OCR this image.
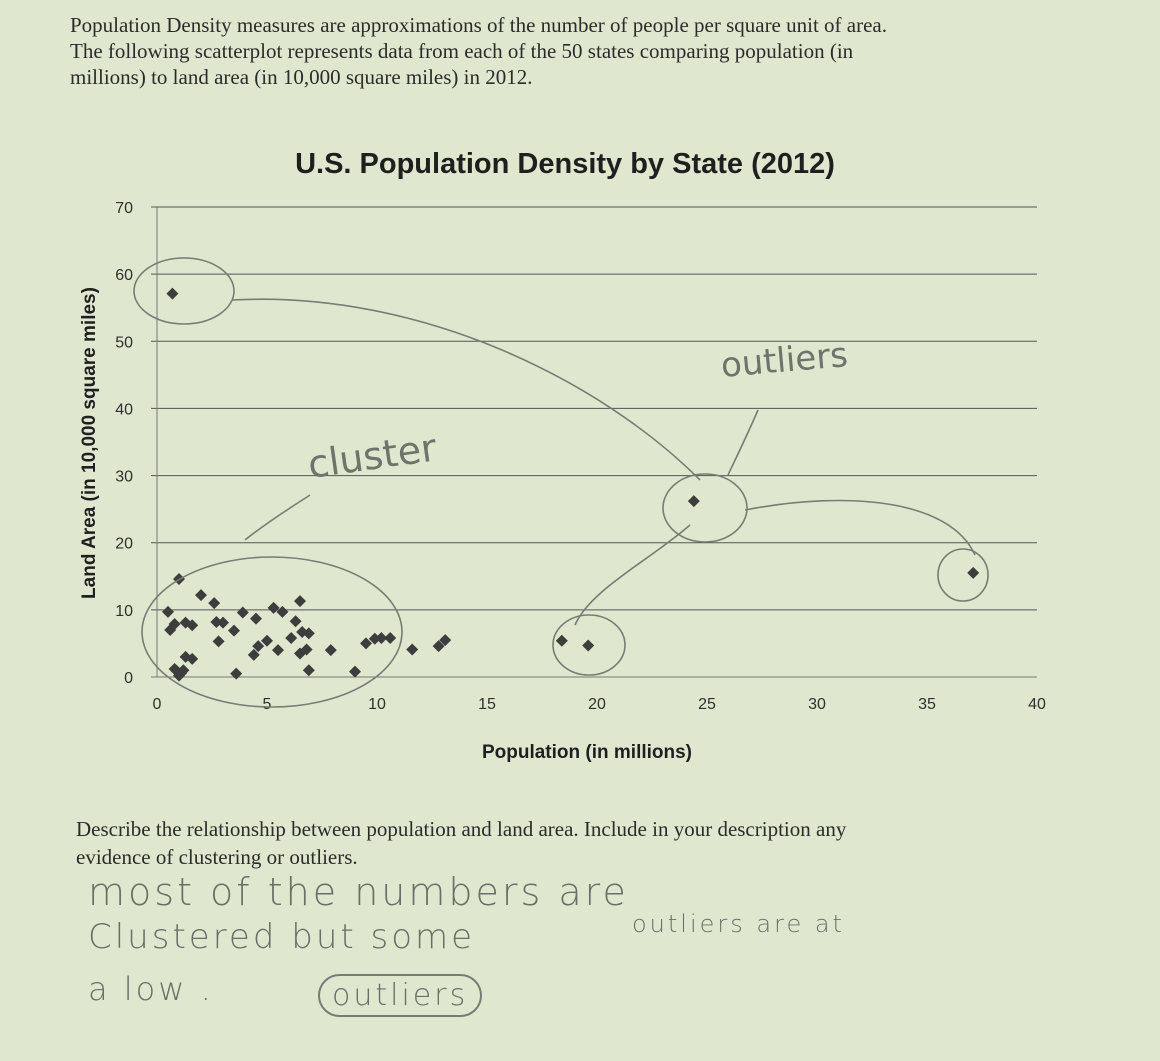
Population Density measures are approximations of the number of people per square unit of area.
The following scatterplot represents data from each of the 50 states comparing population (in
millions) to land area (in 10,000 square miles) in 2012.
U.S. Population Density by State (2012)
0
10
20
30
40
50
60
70
0	5	10	15	20	25	30	35	40
Population (in millions)
Land Area (in 10,000 square miles)	cluster
outliers
Describe the relationship between population and land area. Include in your description any
evidence of clustering or outliers.
most of the numbers are
Clustered but some	outliers are at
a low .	outliers
